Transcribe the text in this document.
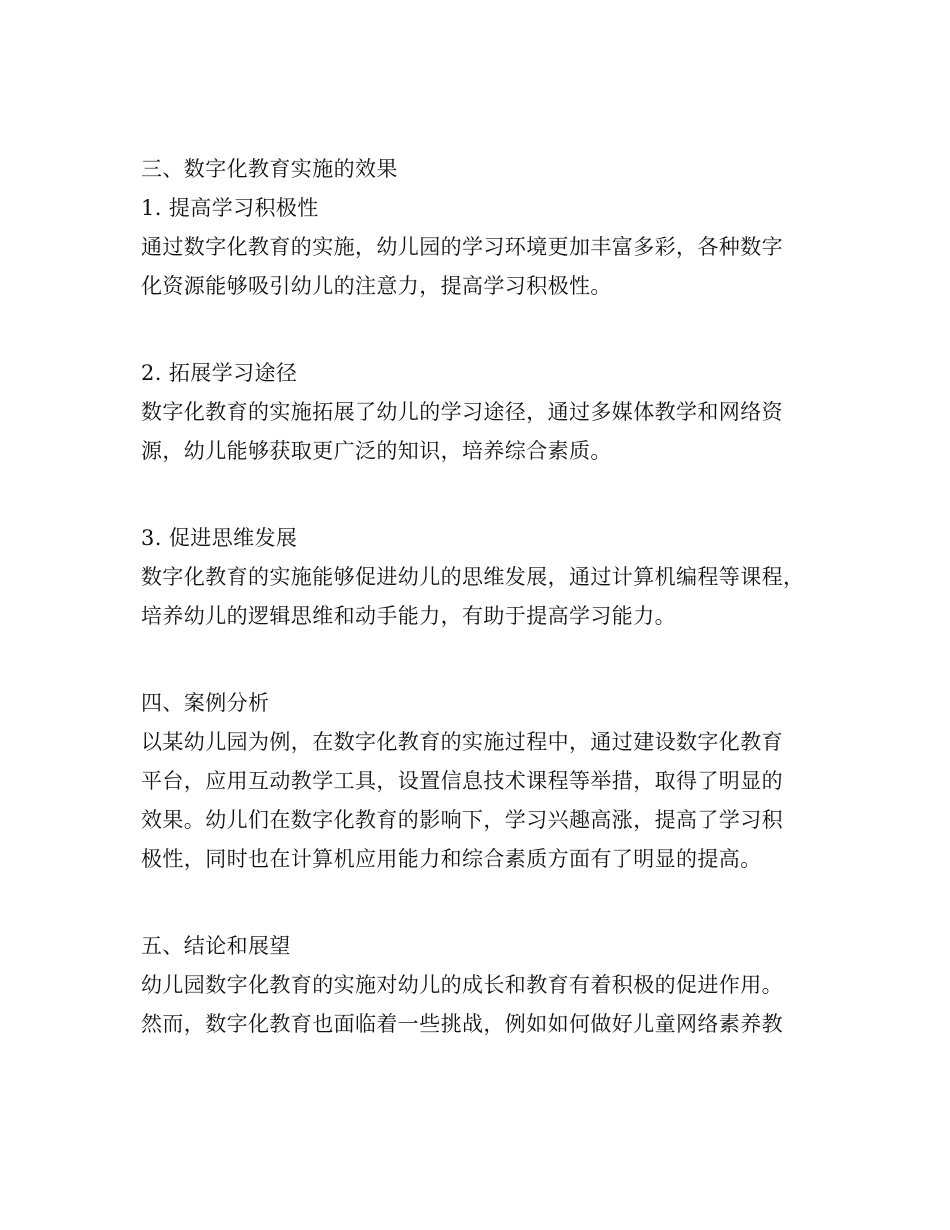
三、数字化教育实施的效果
1. 提高学习积极性
通过数字化教育的实施，幼儿园的学习环境更加丰富多彩，各种数字
化资源能够吸引幼儿的注意力，提高学习积极性。
2. 拓展学习途径
数字化教育的实施拓展了幼儿的学习途径，通过多媒体教学和网络资
源，幼儿能够获取更广泛的知识，培养综合素质。
3. 促进思维发展
数字化教育的实施能够促进幼儿的思维发展，通过计算机编程等课程，
培养幼儿的逻辑思维和动手能力，有助于提高学习能力。
四、案例分析
以某幼儿园为例，在数字化教育的实施过程中，通过建设数字化教育
平台，应用互动教学工具，设置信息技术课程等举措，取得了明显的
效果。幼儿们在数字化教育的影响下，学习兴趣高涨，提高了学习积
极性，同时也在计算机应用能力和综合素质方面有了明显的提高。
五、结论和展望
幼儿园数字化教育的实施对幼儿的成长和教育有着积极的促进作用。
然而，数字化教育也面临着一些挑战，例如如何做好儿童网络素养教
